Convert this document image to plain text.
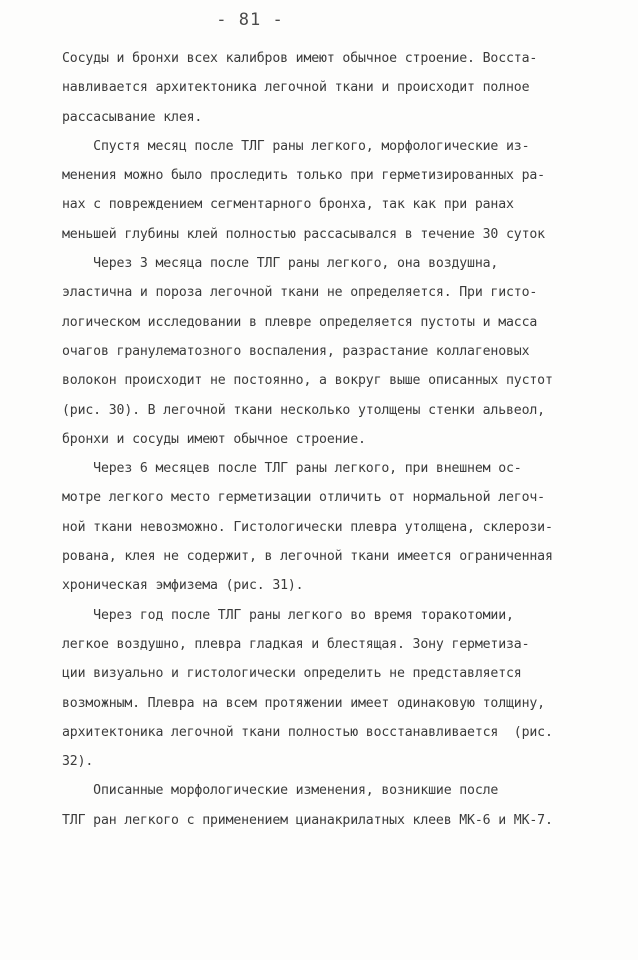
- 81 -
Сосуды и бронхи всех калибров имеют обычное строение. Восста-
навливается архитектоника легочной ткани и происходит полное
рассасывание клея.
Спустя месяц после ТЛГ раны легкого, морфологические из-
менения можно было проследить только при герметизированных ра-
нах с повреждением сегментарного бронха, так как при ранах
меньшей глубины клей полностью рассасывался в течение 30 суток
Через 3 месяца после ТЛГ раны легкого, она воздушна,
эластична и пороза легочной ткани не определяется. При гисто-
логическом исследовании в плевре определяется пустоты и масса
очагов гранулематозного воспаления, разрастание коллагеновых
волокон происходит не постоянно, а вокруг выше описанных пустот
(рис. 30). В легочной ткани несколько утолщены стенки альвеол,
бронхи и сосуды имеют обычное строение.
Через 6 месяцев после ТЛГ раны легкого, при внешнем ос-
мотре легкого место герметизации отличить от нормальной легоч-
ной ткани невозможно. Гистологически плевра утолщена, склерози-
рована, клея не содержит, в легочной ткани имеется ограниченная
хроническая эмфизема (рис. 31).
Через год после ТЛГ раны легкого во время торакотомии,
легкое воздушно, плевра гладкая и блестящая. Зону герметиза-
ции визуально и гистологически определить не представляется
возможным. Плевра на всем протяжении имеет одинаковую толщину,
архитектоника легочной ткани полностью восстанавливается  (рис.
32).
Описанные морфологические изменения, возникшие после
ТЛГ ран легкого с применением цианакрилатных клеев МК-6 и МК-7.
